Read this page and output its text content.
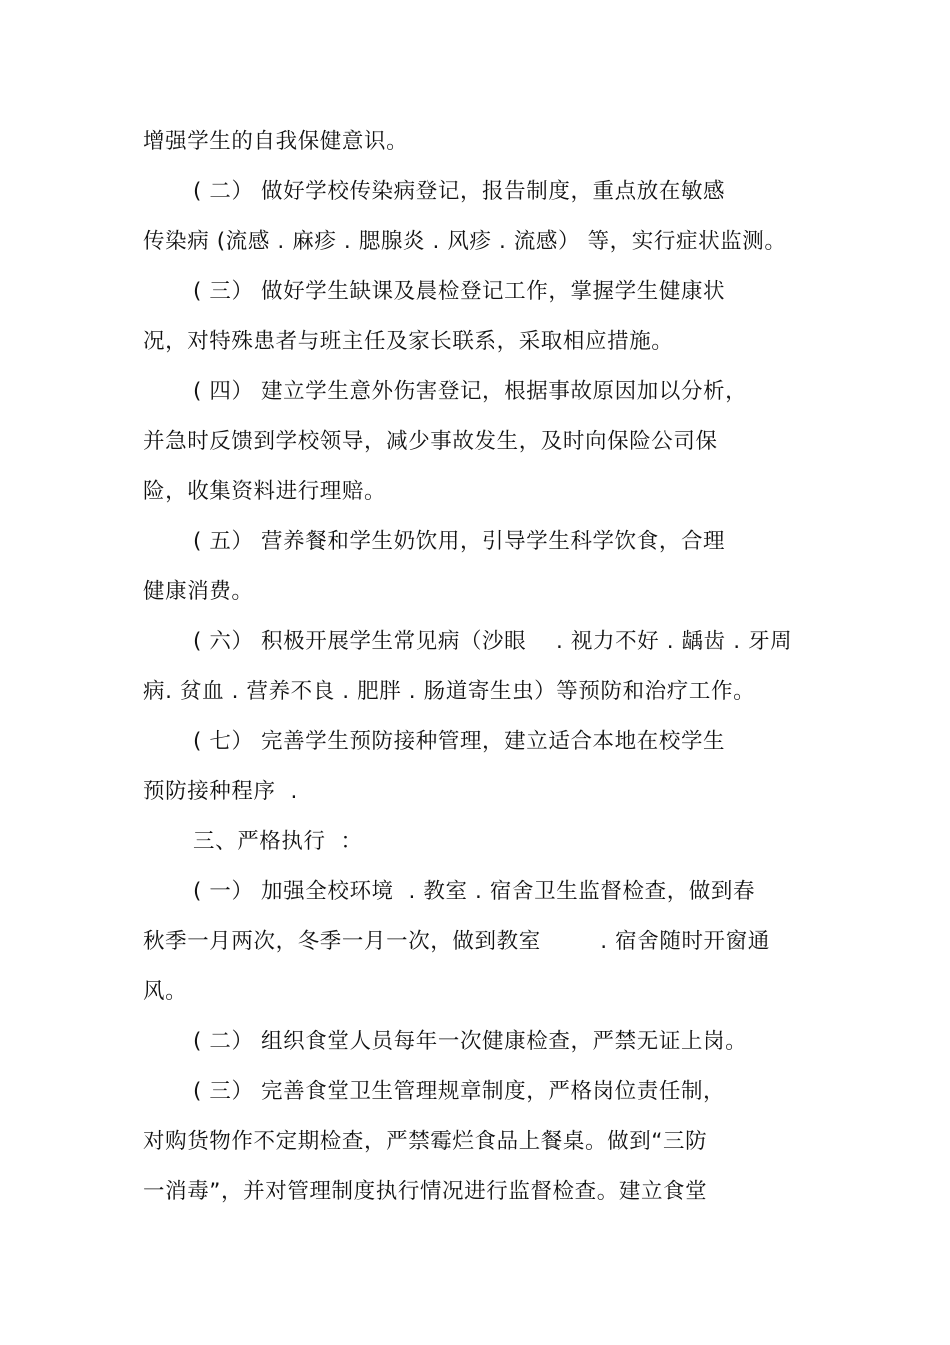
增强学生的自我保健意识。
( 二） 做好学校传染病登记，报告制度，重点放在敏感
传染病 (流感 . 麻疹 . 腮腺炎 . 风疹 . 流感） 等，实行症状监测。
( 三） 做好学生缺课及晨检登记工作，掌握学生健康状
况，对特殊患者与班主任及家长联系，采取相应措施。
( 四） 建立学生意外伤害登记，根据事故原因加以分析，
并急时反馈到学校领导，减少事故发生，及时向保险公司保
险，收集资料进行理赔。
( 五） 营养餐和学生奶饮用，引导学生科学饮食，合理
健康消费。
( 六） 积极开展学生常见病（沙眼    . 视力不好 . 龋齿 . 牙周
病. 贫血 . 营养不良 . 肥胖 . 肠道寄生虫）等预防和治疗工作。
( 七） 完善学生预防接种管理，建立适合本地在校学生
预防接种程序  .
三、严格执行  ：
( 一） 加强全校环境  . 教室 . 宿舍卫生监督检查，做到春
秋季一月两次，冬季一月一次，做到教室        . 宿舍随时开窗通
风。
( 二） 组织食堂人员每年一次健康检查，严禁无证上岗。
( 三） 完善食堂卫生管理规章制度，严格岗位责任制，
对购货物作不定期检查，严禁霉烂食品上餐桌。做到“三防
一消毒”，并对管理制度执行情况进行监督检查。建立食堂
